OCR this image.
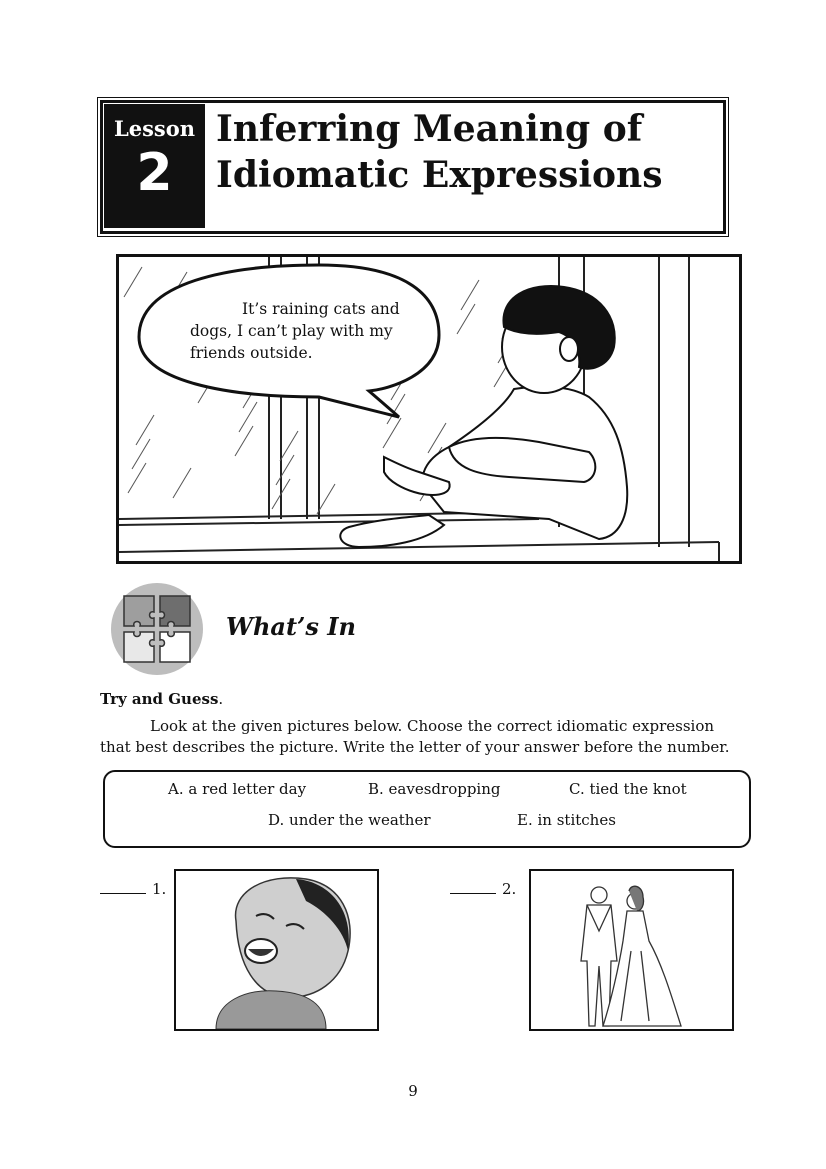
Lesson
2
Inferring Meaning of
Idiomatic Expressions
It’s raining cats and
dogs, I can’t play with my
friends outside.
What’s In
Try and Guess.
Look at the given pictures below. Choose the correct idiomatic expression that best describes the picture. Write the letter of your answer before the number.
A. a red letter day	B. eavesdropping	C. tied the knot
D. under the weather	E. in stitches
1.	2.
9
